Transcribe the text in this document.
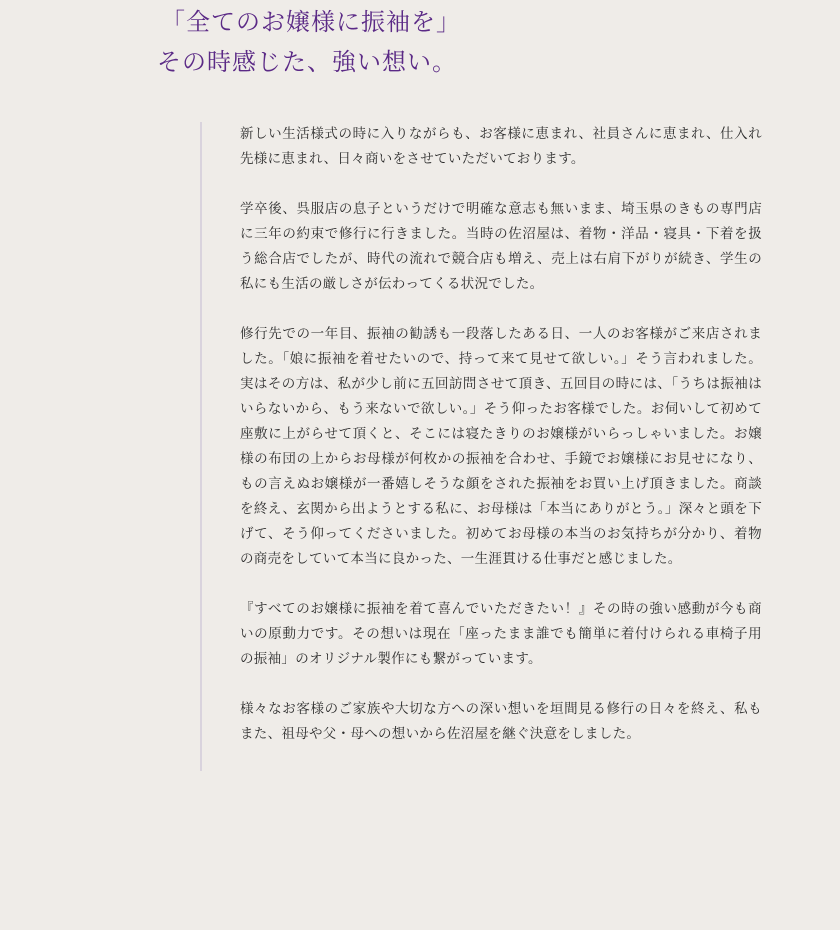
「全てのお嬢様に振袖を」
その時感じた、強い想い。

新しい生活様式の時に入りながらも、お客様に恵まれ、社員さんに恵まれ、仕入れ先様に恵まれ、日々商いをさせていただいております。

学卒後、呉服店の息子というだけで明確な意志も無いまま、埼玉県のきもの専門店に三年の約束で修行に行きました。当時の佐沼屋は、着物・洋品・寝具・下着を扱う総合店でしたが、時代の流れで競合店も増え、売上は右肩下がりが続き、学生の私にも生活の厳しさが伝わってくる状況でした。

修行先での一年目、振袖の勧誘も一段落したある日、一人のお客様がご来店されました。「娘に振袖を着せたいので、持って来て見せて欲しい。」そう言われました。実はその方は、私が少し前に五回訪問させて頂き、五回目の時には、「うちは振袖はいらないから、もう来ないで欲しい。」そう仰ったお客様でした。お伺いして初めて座敷に上がらせて頂くと、そこには寝たきりのお嬢様がいらっしゃいました。お嬢様の布団の上からお母様が何枚かの振袖を合わせ、手鏡でお嬢様にお見せになり、もの言えぬお嬢様が一番嬉しそうな顔をされた振袖をお買い上げ頂きました。商談を終え、玄関から出ようとする私に、お母様は「本当にありがとう。」深々と頭を下げて、そう仰ってくださいました。初めてお母様の本当のお気持ちが分かり、着物の商売をしていて本当に良かった、一生涯貫ける仕事だと感じました。

『すべてのお嬢様に振袖を着て喜んでいただきたい！』その時の強い感動が今も商いの原動力です。その想いは現在「座ったまま誰でも簡単に着付けられる車椅子用の振袖」のオリジナル製作にも繋がっています。

様々なお客様のご家族や大切な方への深い想いを垣間見る修行の日々を終え、私もまた、祖母や父・母への想いから佐沼屋を継ぐ決意をしました。
